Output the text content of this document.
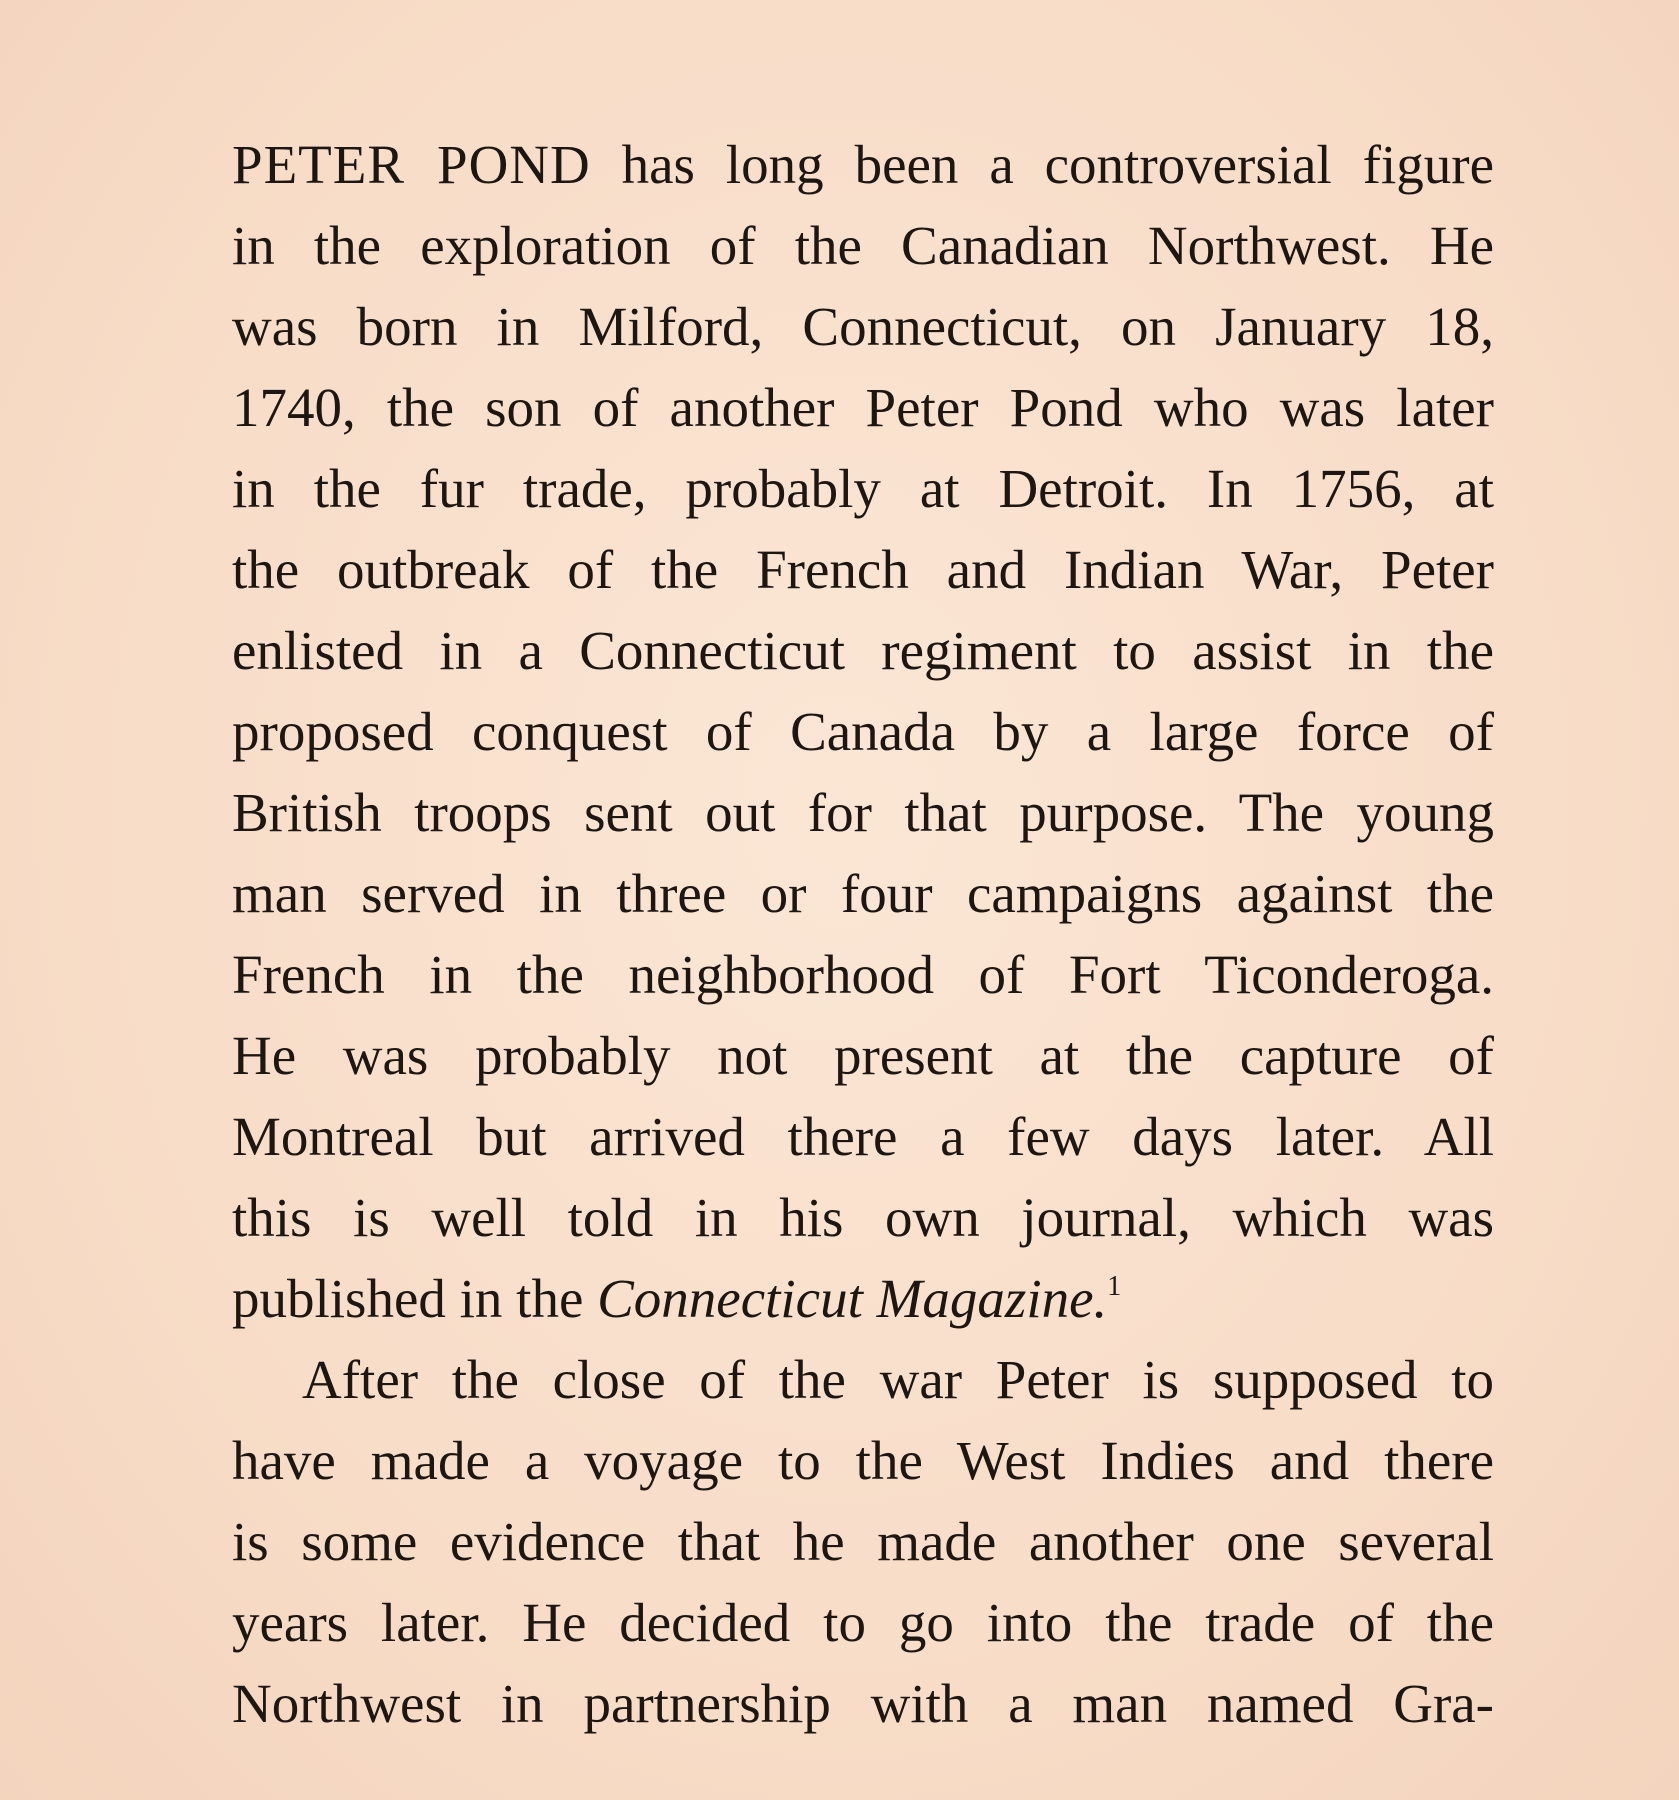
PETER POND has long been a controversial figure
in the exploration of the Canadian Northwest. He
was born in Milford, Connecticut, on January 18,
1740, the son of another Peter Pond who was later
in the fur trade, probably at Detroit. In 1756, at
the outbreak of the French and Indian War, Peter
enlisted in a Connecticut regiment to assist in the
proposed conquest of Canada by a large force of
British troops sent out for that purpose. The young
man served in three or four campaigns against the
French in the neighborhood of Fort Ticonderoga.
He was probably not present at the capture of
Montreal but arrived there a few days later. All
this is well told in his own journal, which was
published in the Connecticut Magazine.$^1$
After the close of the war Peter is supposed to
have made a voyage to the West Indies and there
is some evidence that he made another one several
years later. He decided to go into the trade of the
Northwest in partnership with a man named Gra-
